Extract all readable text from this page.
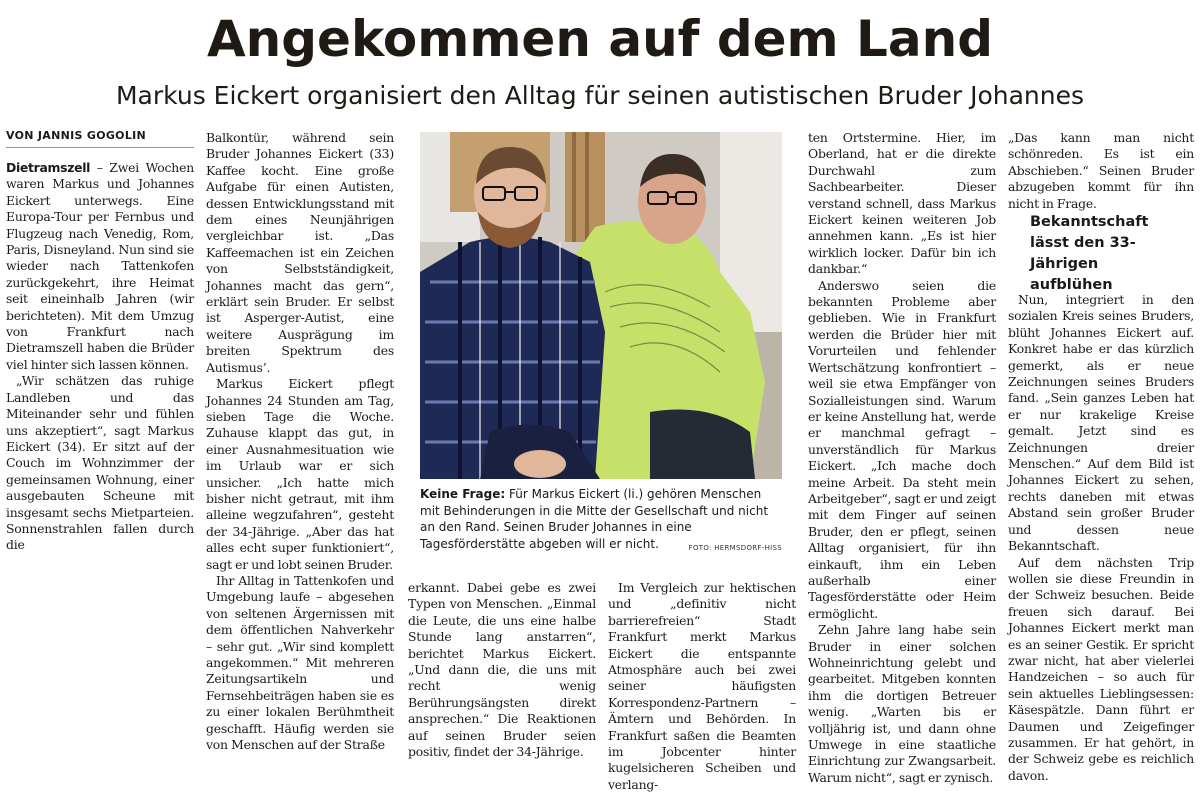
Angekommen auf dem Land
Markus Eickert organisiert den Alltag für seinen autistischen Bruder Johannes
VON JANNIS GOGOLIN

Dietramszell – Zwei Wochen waren Markus und Johannes Eickert unterwegs. Eine Europa-Tour per Fernbus und Flugzeug nach Venedig, Rom, Paris, Disneyland. Nun sind sie wieder nach Tattenkofen zurückgekehrt, ihre Heimat seit eineinhalb Jahren (wir berichteten). Mit dem Umzug von Frankfurt nach Dietramszell haben die Brüder viel hinter sich lassen können.

„Wir schätzen das ruhige Landleben und das Miteinander sehr und fühlen uns akzeptiert“, sagt Markus Eickert (34). Er sitzt auf der Couch im Wohnzimmer der gemeinsamen Wohnung, einer ausgebauten Scheune mit insgesamt sechs Mietparteien. Sonnenstrahlen fallen durch die

Balkontür, während sein Bruder Johannes Eickert (33) Kaffee kocht. Eine große Aufgabe für einen Autisten, dessen Entwicklungsstand mit dem eines Neunjährigen vergleichbar ist. „Das Kaffeemachen ist ein Zeichen von Selbstständigkeit, Johannes macht das gern“, erklärt sein Bruder. Er selbst ist Asperger-Autist, eine weitere Ausprägung im breiten Spektrum des Autismus’.

Markus Eickert pflegt Johannes 24 Stunden am Tag, sieben Tage die Woche. Zuhause klappt das gut, in einer Ausnahmesituation wie im Urlaub war er sich unsicher. „Ich hatte mich bisher nicht getraut, mit ihm alleine wegzufahren“, gesteht der 34-Jährige. „Aber das hat alles echt super funktioniert“, sagt er und lobt seinen Bruder.

Ihr Alltag in Tattenkofen und Umgebung laufe – abgesehen von seltenen Ärgernissen mit dem öffentlichen Nahverkehr – sehr gut. „Wir sind komplett angekommen.“ Mit mehreren Zeitungsartikeln und Fernsehbeiträgen haben sie es zu einer lokalen Berühmtheit geschafft. Häufig werden sie von Menschen auf der Straße

Keine Frage: Für Markus Eickert (li.) gehören Menschen mit Behinderungen in die Mitte der Gesellschaft und nicht an den Rand. Seinen Bruder Johannes in eine Tagesförderstätte abgeben will er nicht.	FOTO: HERMSDORF-HISS

erkannt. Dabei gebe es zwei Typen von Menschen. „Einmal die Leute, die uns eine halbe Stunde lang anstarren“, berichtet Markus Eickert. „Und dann die, die uns mit recht wenig Berührungsängsten direkt ansprechen.“ Die Reaktionen auf seinen Bruder seien positiv, findet der 34-Jährige.

Im Vergleich zur hektischen und „definitiv nicht barrierefreien“ Stadt Frankfurt merkt Markus Eickert die entspannte Atmosphäre auch bei zwei seiner häufigsten Korrespondenz-Partnern – Ämtern und Behörden. In Frankfurt saßen die Beamten im Jobcenter hinter kugelsicheren Scheiben und verlang-

ten Ortstermine. Hier, im Oberland, hat er die direkte Durchwahl zum Sachbearbeiter. Dieser verstand schnell, dass Markus Eickert keinen weiteren Job annehmen kann. „Es ist hier wirklich locker. Dafür bin ich dankbar.“

Anderswo seien die bekannten Probleme aber geblieben. Wie in Frankfurt werden die Brüder hier mit Vorurteilen und fehlender Wertschätzung konfrontiert – weil sie etwa Empfänger von Sozialleistungen sind. Warum er keine Anstellung hat, werde er manchmal gefragt – unverständlich für Markus Eickert. „Ich mache doch meine Arbeit. Da steht mein Arbeitgeber“, sagt er und zeigt mit dem Finger auf seinen Bruder, den er pflegt, seinen Alltag organisiert, für ihn einkauft, ihm ein Leben außerhalb einer Tagesförderstätte oder Heim ermöglicht.

Zehn Jahre lang habe sein Bruder in einer solchen Wohneinrichtung gelebt und gearbeitet. Mitgeben konnten ihm die dortigen Betreuer wenig. „Warten bis er volljährig ist, und dann ohne Umwege in eine staatliche Einrichtung zur Zwangsarbeit. Warum nicht“, sagt er zynisch.

„Das kann man nicht schönreden. Es ist ein Abschieben.“ Seinen Bruder abzugeben kommt für ihn nicht in Frage.

Bekanntschaft lässt den 33-Jährigen aufblühen

Nun, integriert in den sozialen Kreis seines Bruders, blüht Johannes Eickert auf. Konkret habe er das kürzlich gemerkt, als er neue Zeichnungen seines Bruders fand. „Sein ganzes Leben hat er nur krakelige Kreise gemalt. Jetzt sind es Zeichnungen dreier Menschen.“ Auf dem Bild ist Johannes Eickert zu sehen, rechts daneben mit etwas Abstand sein großer Bruder und dessen neue Bekanntschaft.

Auf dem nächsten Trip wollen sie diese Freundin in der Schweiz besuchen. Beide freuen sich darauf. Bei Johannes Eickert merkt man es an seiner Gestik. Er spricht zwar nicht, hat aber vielerlei Handzeichen – so auch für sein aktuelles Lieblingsessen: Käsespätzle. Dann führt er Daumen und Zeigefinger zusammen. Er hat gehört, in der Schweiz gebe es reichlich davon.
